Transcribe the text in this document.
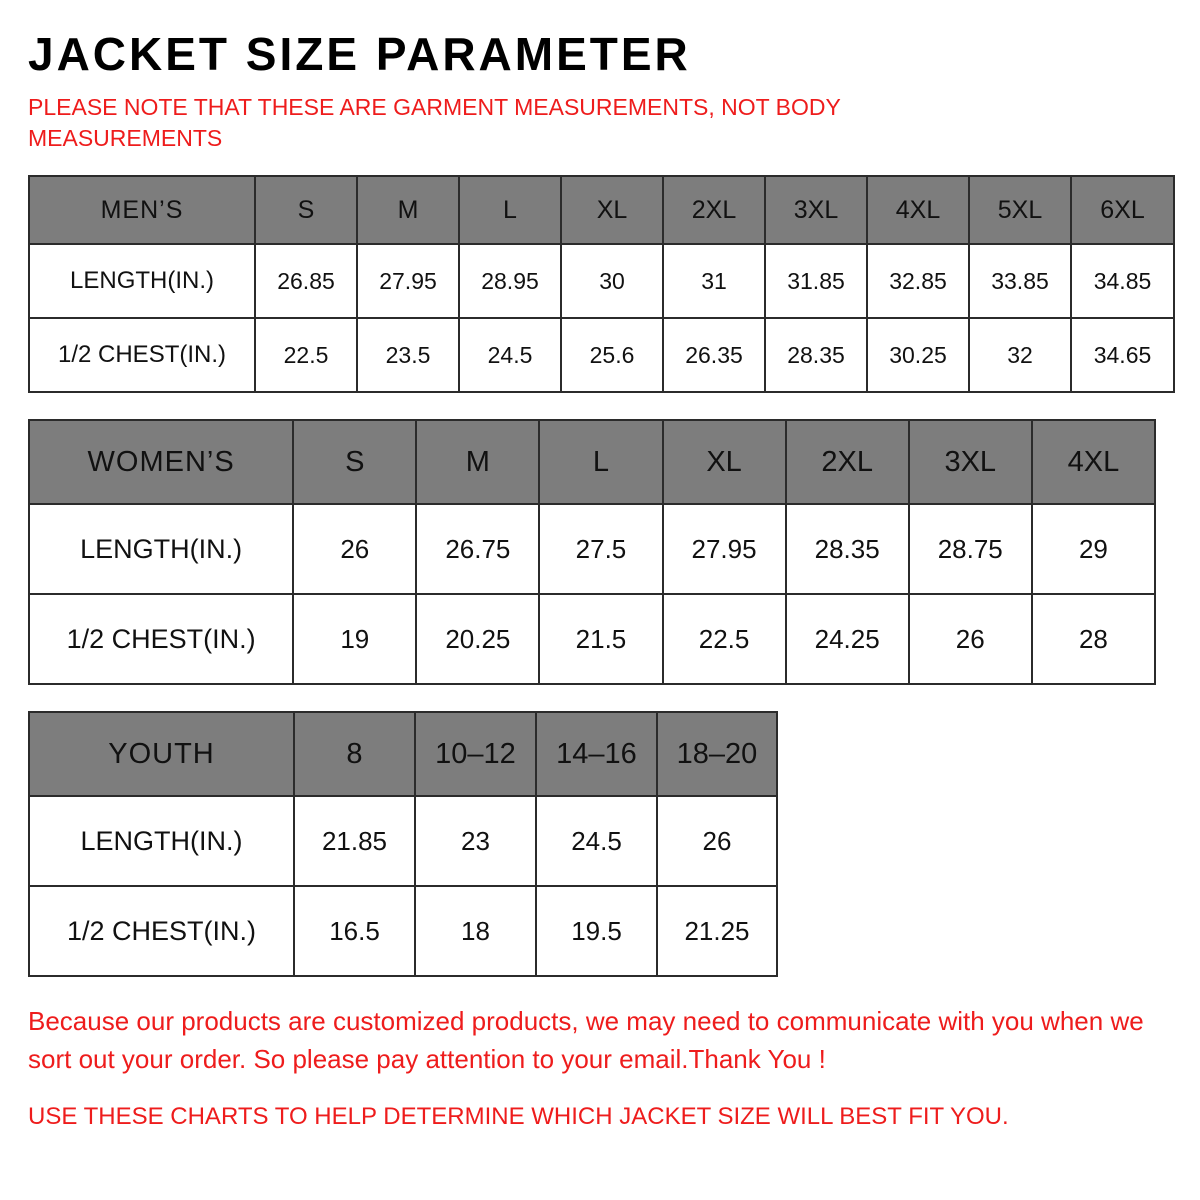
JACKET SIZE PARAMETER
PLEASE NOTE THAT THESE ARE GARMENT MEASUREMENTS, NOT BODY MEASUREMENTS
MEN’S	S	M	L	XL	2XL	3XL	4XL	5XL	6XL
LENGTH(IN.)	26.85	27.95	28.95	30	31	31.85	32.85	33.85	34.85
1/2 CHEST(IN.)	22.5	23.5	24.5	25.6	26.35	28.35	30.25	32	34.65
WOMEN’S	S	M	L	XL	2XL	3XL	4XL
LENGTH(IN.)	26	26.75	27.5	27.95	28.35	28.75	29
1/2 CHEST(IN.)	19	20.25	21.5	22.5	24.25	26	28
YOUTH	8	10–12	14–16	18–20
LENGTH(IN.)	21.85	23	24.5	26
1/2 CHEST(IN.)	16.5	18	19.5	21.25
Because our products are customized products, we may need to communicate with you when we sort out your order. So please pay attention to your email.Thank You !
USE THESE CHARTS TO HELP DETERMINE WHICH JACKET SIZE WILL BEST FIT YOU.
